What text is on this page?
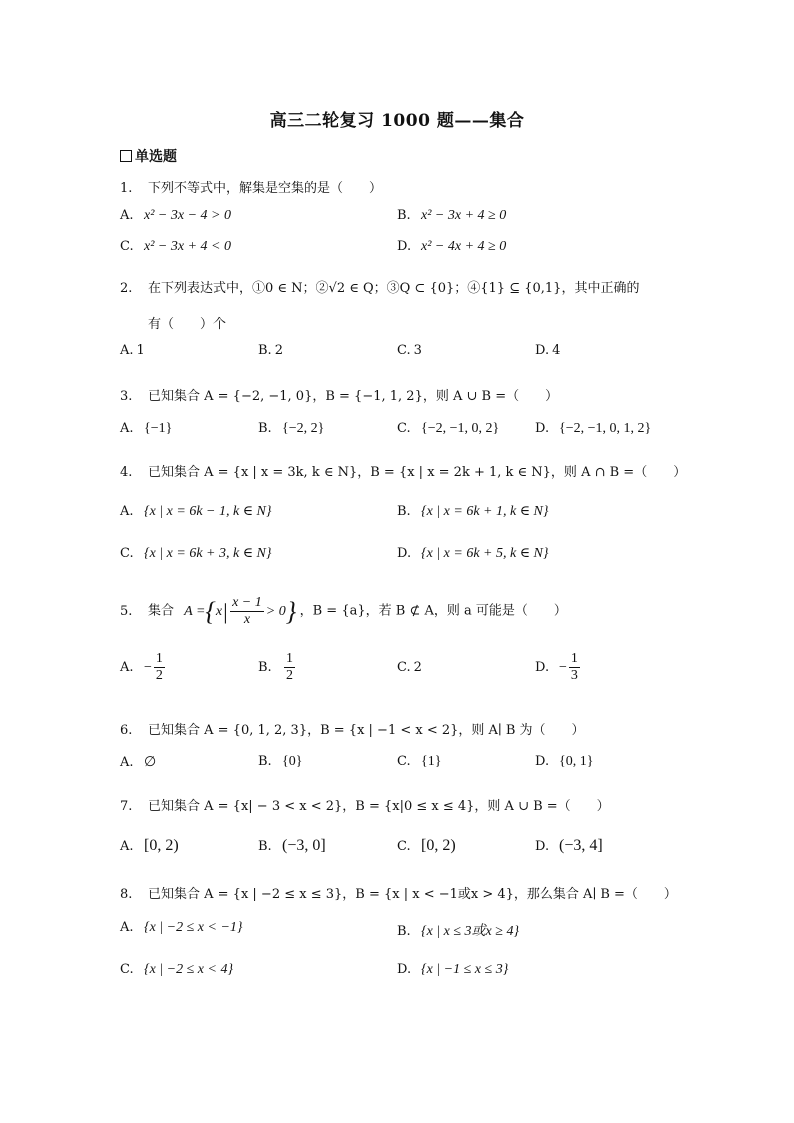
高三二轮复习 1000 题——集合
单选题
1. 下列不等式中，解集是空集的是（　　）
A. x² − 3x − 4 > 0	B. x² − 3x + 4 ≥ 0
C. x² − 3x + 4 < 0	D. x² − 4x + 4 ≥ 0
2. 在下列表达式中，①0 ∈ N；②√2 ∈ Q；③Q ⊂ {0}；④{1} ⊆ {0,1}，其中正确的
有（　　）个
A. 1	B. 2	C. 3	D. 4
3. 已知集合 A = {−2, −1, 0}，B = {−1, 1, 2}，则 A ∪ B =（　　）
A. {−1}	B. {−2, 2}	C. {−2, −1, 0, 2}	D. {−2, −1, 0, 1, 2}
4. 已知集合 A = {x | x = 3k, k ∈ N}，B = {x | x = 2k + 1, k ∈ N}，则 A ∩ B =（　　）
A. {x | x = 6k − 1, k ∈ N}	B. {x | x = 6k + 1, k ∈ N}
C. {x | x = 6k + 3, k ∈ N}	D. {x | x = 6k + 5, k ∈ N}
5. 集合 $A =\{x| \frac{x - 1}{x} > 0\}$ ，B = {a}，若 B ⊄ A，则 a 可能是（　　）
A. − $\frac{1}{2}$	B. $\frac{1}{2}$	C. 2	D. − $\frac{1}{3}$
6. 已知集合 A = {0, 1, 2, 3}，B = {x | −1 < x < 2}，则 A∣ B 为（　　）
A. ∅	B. {0}	C. {1}	D. {0, 1}
7. 已知集合 A = {x| − 3 < x < 2}，B = {x|0 ≤ x ≤ 4}，则 A ∪ B =（　　）
A. [0, 2)	B. (−3, 0]	C. [0, 2)	D. (−3, 4]
8. 已知集合 A = {x | −2 ≤ x ≤ 3}，B = {x | x < −1或x > 4}，那么集合 A∣ B =（　　）
A. {x | −2 ≤ x < −1}	B. {x | x ≤ 3或x ≥ 4}
C. {x | −2 ≤ x < 4}	D. {x | −1 ≤ x ≤ 3}
